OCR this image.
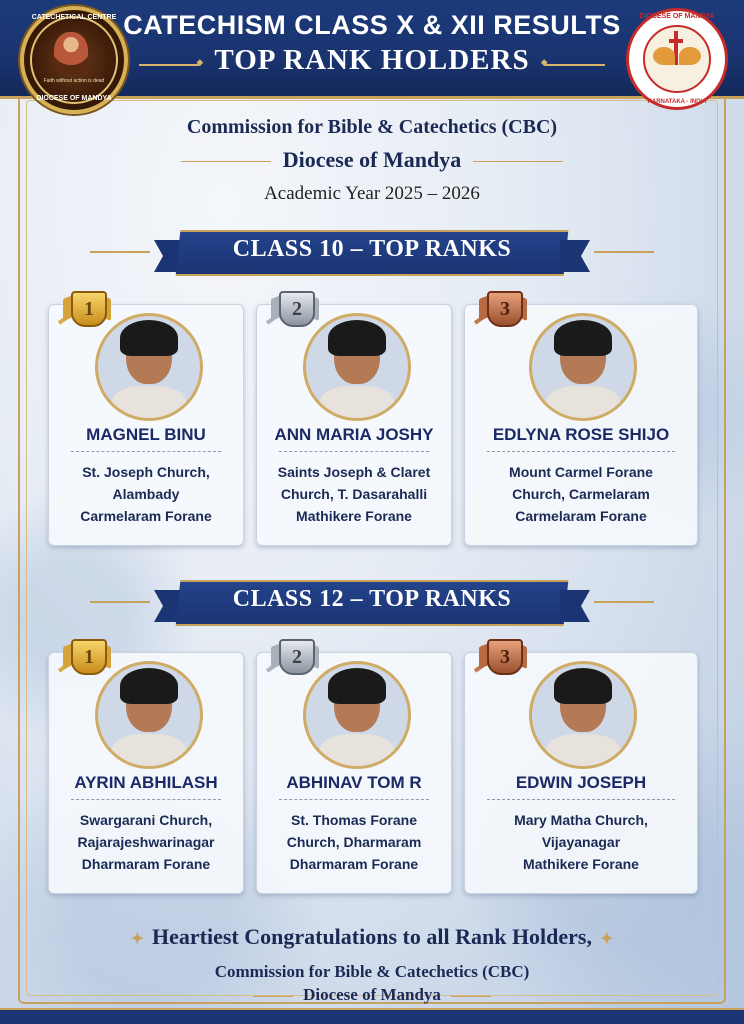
CATECHISM CLASS X & XII RESULTS
◆ TOP RANK HOLDERS ◆
CATECHETICAL CENTRE
Faith without action is dead
DIOCESE OF MANDYA
DIOCESE OF MANDYA
KARNATAKA - INDIA
Commission for Bible & Catechetics (CBC)
Diocese of Mandya
Academic Year 2025 – 2026
CLASS 10 – TOP RANKS
1
MAGNEL BINU
St. Joseph Church,
Alambady
Carmelaram Forane
2
ANN MARIA JOSHY
Saints Joseph & Claret
Church, T. Dasarahalli
Mathikere Forane
3
EDLYNA ROSE SHIJO
Mount Carmel Forane
Church, Carmelaram
Carmelaram Forane
CLASS 12 – TOP RANKS
1
AYRIN ABHILASH
Swargarani Church,
Rajarajeshwarinagar
Dharmaram Forane
2
ABHINAV TOM R
St. Thomas Forane
Church, Dharmaram
Dharmaram Forane
3
EDWIN JOSEPH
Mary Matha Church,
Vijayanagar
Mathikere Forane
✦ Heartiest Congratulations to all Rank Holders, ✦
Commission for Bible & Catechetics (CBC)
Diocese of Mandya
